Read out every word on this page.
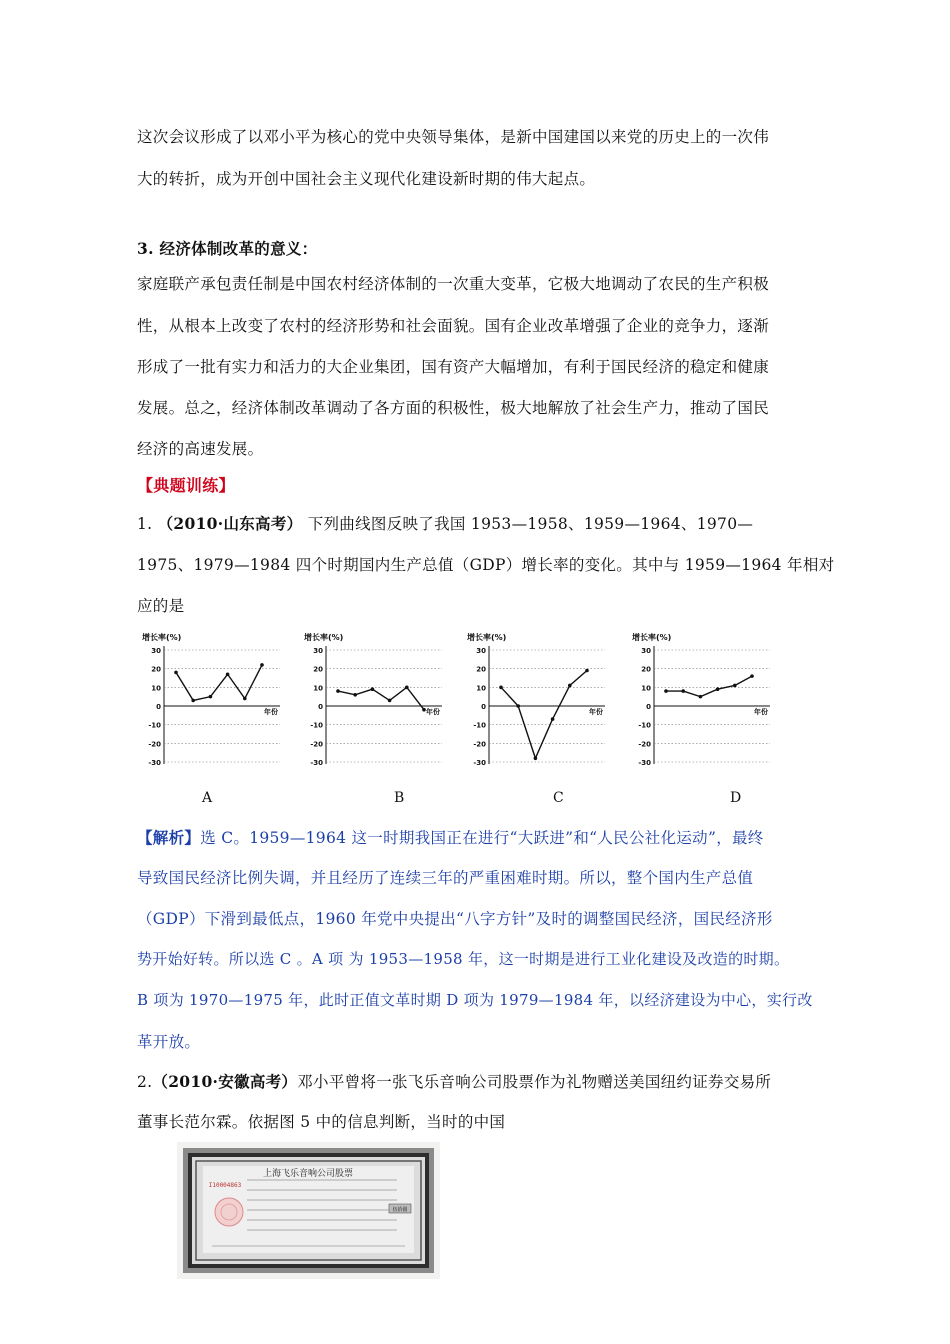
这次会议形成了以邓小平为核心的党中央领导集体，是新中国建国以来党的历史上的一次伟
大的转折，成为开创中国社会主义现代化建设新时期的伟大起点。
3. 经济体制改革的意义：
家庭联产承包责任制是中国农村经济体制的一次重大变革，它极大地调动了农民的生产积极
性，从根本上改变了农村的经济形势和社会面貌。国有企业改革增强了企业的竞争力，逐渐
形成了一批有实力和活力的大企业集团，国有资产大幅增加，有利于国民经济的稳定和健康
发展。总之，经济体制改革调动了各方面的积极性，极大地解放了社会生产力，推动了国民
经济的高速发展。
【典题训练】
1. （2010·山东高考） 下列曲线图反映了我国 1953—1958、1959—1964、1970—
1975、1979—1984 四个时期国内生产总值（GDP）增长率的变化。其中与 1959—1964 年相对
应的是
增长率(%)
30
20
10
0
-10
-20
-30
年份
增长率(%)
30
20
10
0
-10
-20
-30
年份
增长率(%)
30
20
10
0
-10
-20
-30
年份
增长率(%)
30
20
10
0
-10
-20
-30
年份
A	B	C	D
【解析】选 C。1959—1964 这一时期我国正在进行“大跃进”和“人民公社化运动”，最终
导致国民经济比例失调，并且经历了连续三年的严重困难时期。所以，整个国内生产总值
（GDP）下滑到最低点，1960 年党中央提出“八字方针”及时的调整国民经济，国民经济形
势开始好转。所以选 C 。A 项 为 1953—1958 年，这一时期是进行工业化建设及改造的时期。
B 项为 1970—1975 年，此时正值文革时期 D 项为 1979—1984 年，以经济建设为中心，实行改
革开放。
2.（2010·安徽高考）邓小平曾将一张飞乐音响公司股票作为礼物赠送美国纽约证券交易所
董事长范尔霖。依据图 5 中的信息判断，当时的中国
上海飞乐音响公司股票
I10004863
伍拾圆
